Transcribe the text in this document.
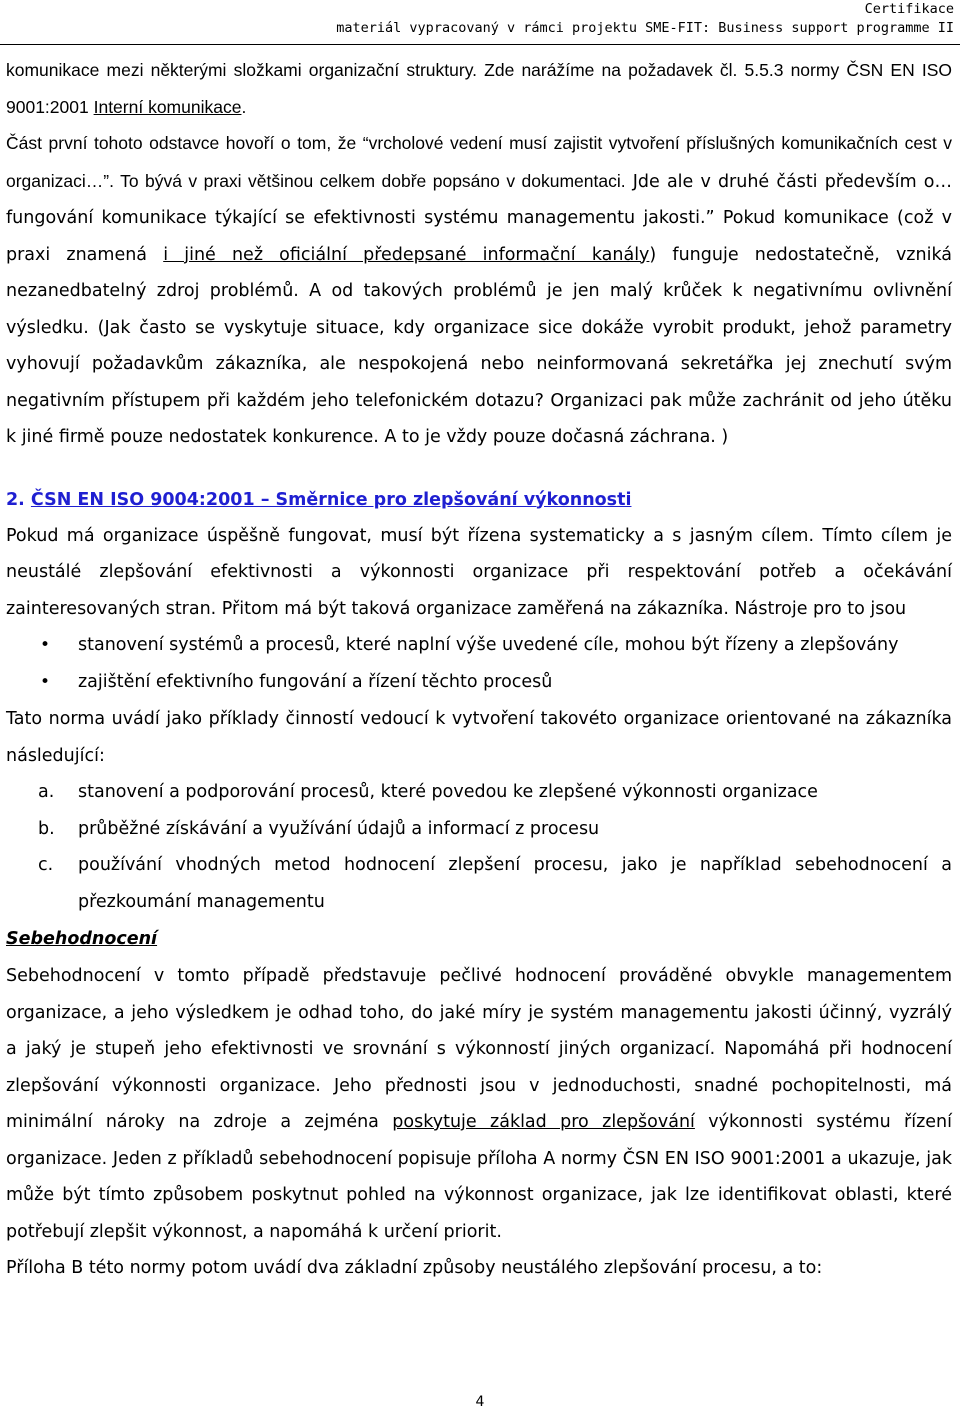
Certifikace
materiál vypracovaný v rámci projektu SME-FIT: Business support programme II

komunikace mezi některými složkami organizační struktury. Zde narážíme na požadavek čl. 5.5.3 normy ČSN EN ISO 9001:2001 Interní komunikace.

Část první tohoto odstavce hovoří o tom, že “vrcholové vedení musí zajistit vytvoření příslušných komunikačních cest v organizaci…”. To bývá v praxi většinou celkem dobře popsáno v dokumentaci. Jde ale v druhé části především o… fungování komunikace týkající se efektivnosti systému managementu jakosti.” Pokud komunikace (což v praxi znamená i jiné než oficiální předepsané informační kanály) funguje nedostatečně, vzniká nezanedbatelný zdroj problémů. A od takových problémů je jen malý krůček k negativnímu ovlivnění výsledku. (Jak často se vyskytuje situace, kdy organizace sice dokáže vyrobit produkt, jehož parametry vyhovují požadavkům zákazníka, ale nespokojená nebo neinformovaná sekretářka jej znechutí svým negativním přístupem při každém jeho telefonickém dotazu? Organizaci pak může zachránit od jeho útěku k jiné firmě pouze nedostatek konkurence. A to je vždy pouze dočasná záchrana. )

2. ČSN EN ISO 9004:2001 – Směrnice pro zlepšování výkonnosti

Pokud má organizace úspěšně fungovat, musí být řízena systematicky a s jasným cílem. Tímto cílem je neustálé zlepšování efektivnosti a výkonnosti organizace při respektování potřeb a očekávání zainteresovaných stran. Přitom má být taková organizace zaměřená na zákazníka. Nástroje pro to jsou

• stanovení systémů a procesů, které naplní výše uvedené cíle, mohou být řízeny a zlepšovány
• zajištění efektivního fungování a řízení těchto procesů

Tato norma uvádí jako příklady činností vedoucí k vytvoření takovéto organizace orientované na zákazníka následující:

a. stanovení a podporování procesů, které povedou ke zlepšené výkonnosti organizace
b. průběžné získávání a využívání údajů a informací z procesu
c. používání vhodných metod hodnocení zlepšení procesu, jako je například sebehodnocení a přezkoumání managementu
Sebehodnocení

Sebehodnocení v tomto případě představuje pečlivé hodnocení prováděné obvykle managementem organizace, a jeho výsledkem je odhad toho, do jaké míry je systém managementu jakosti účinný, vyzrálý a jaký je stupeň jeho efektivnosti ve srovnání s výkonností jiných organizací. Napomáhá při hodnocení zlepšování výkonnosti organizace. Jeho přednosti jsou v jednoduchosti, snadné pochopitelnosti, má minimální nároky na zdroje a zejména poskytuje základ pro zlepšování výkonnosti systému řízení organizace. Jeden z příkladů sebehodnocení popisuje příloha A normy ČSN EN ISO 9001:2001 a ukazuje, jak může být tímto způsobem poskytnut pohled na výkonnost organizace, jak lze identifikovat oblasti, které potřebují zlepšit výkonnost, a napomáhá k určení priorit.

Příloha B této normy potom uvádí dva základní způsoby neustálého zlepšování procesu, a to:

4
